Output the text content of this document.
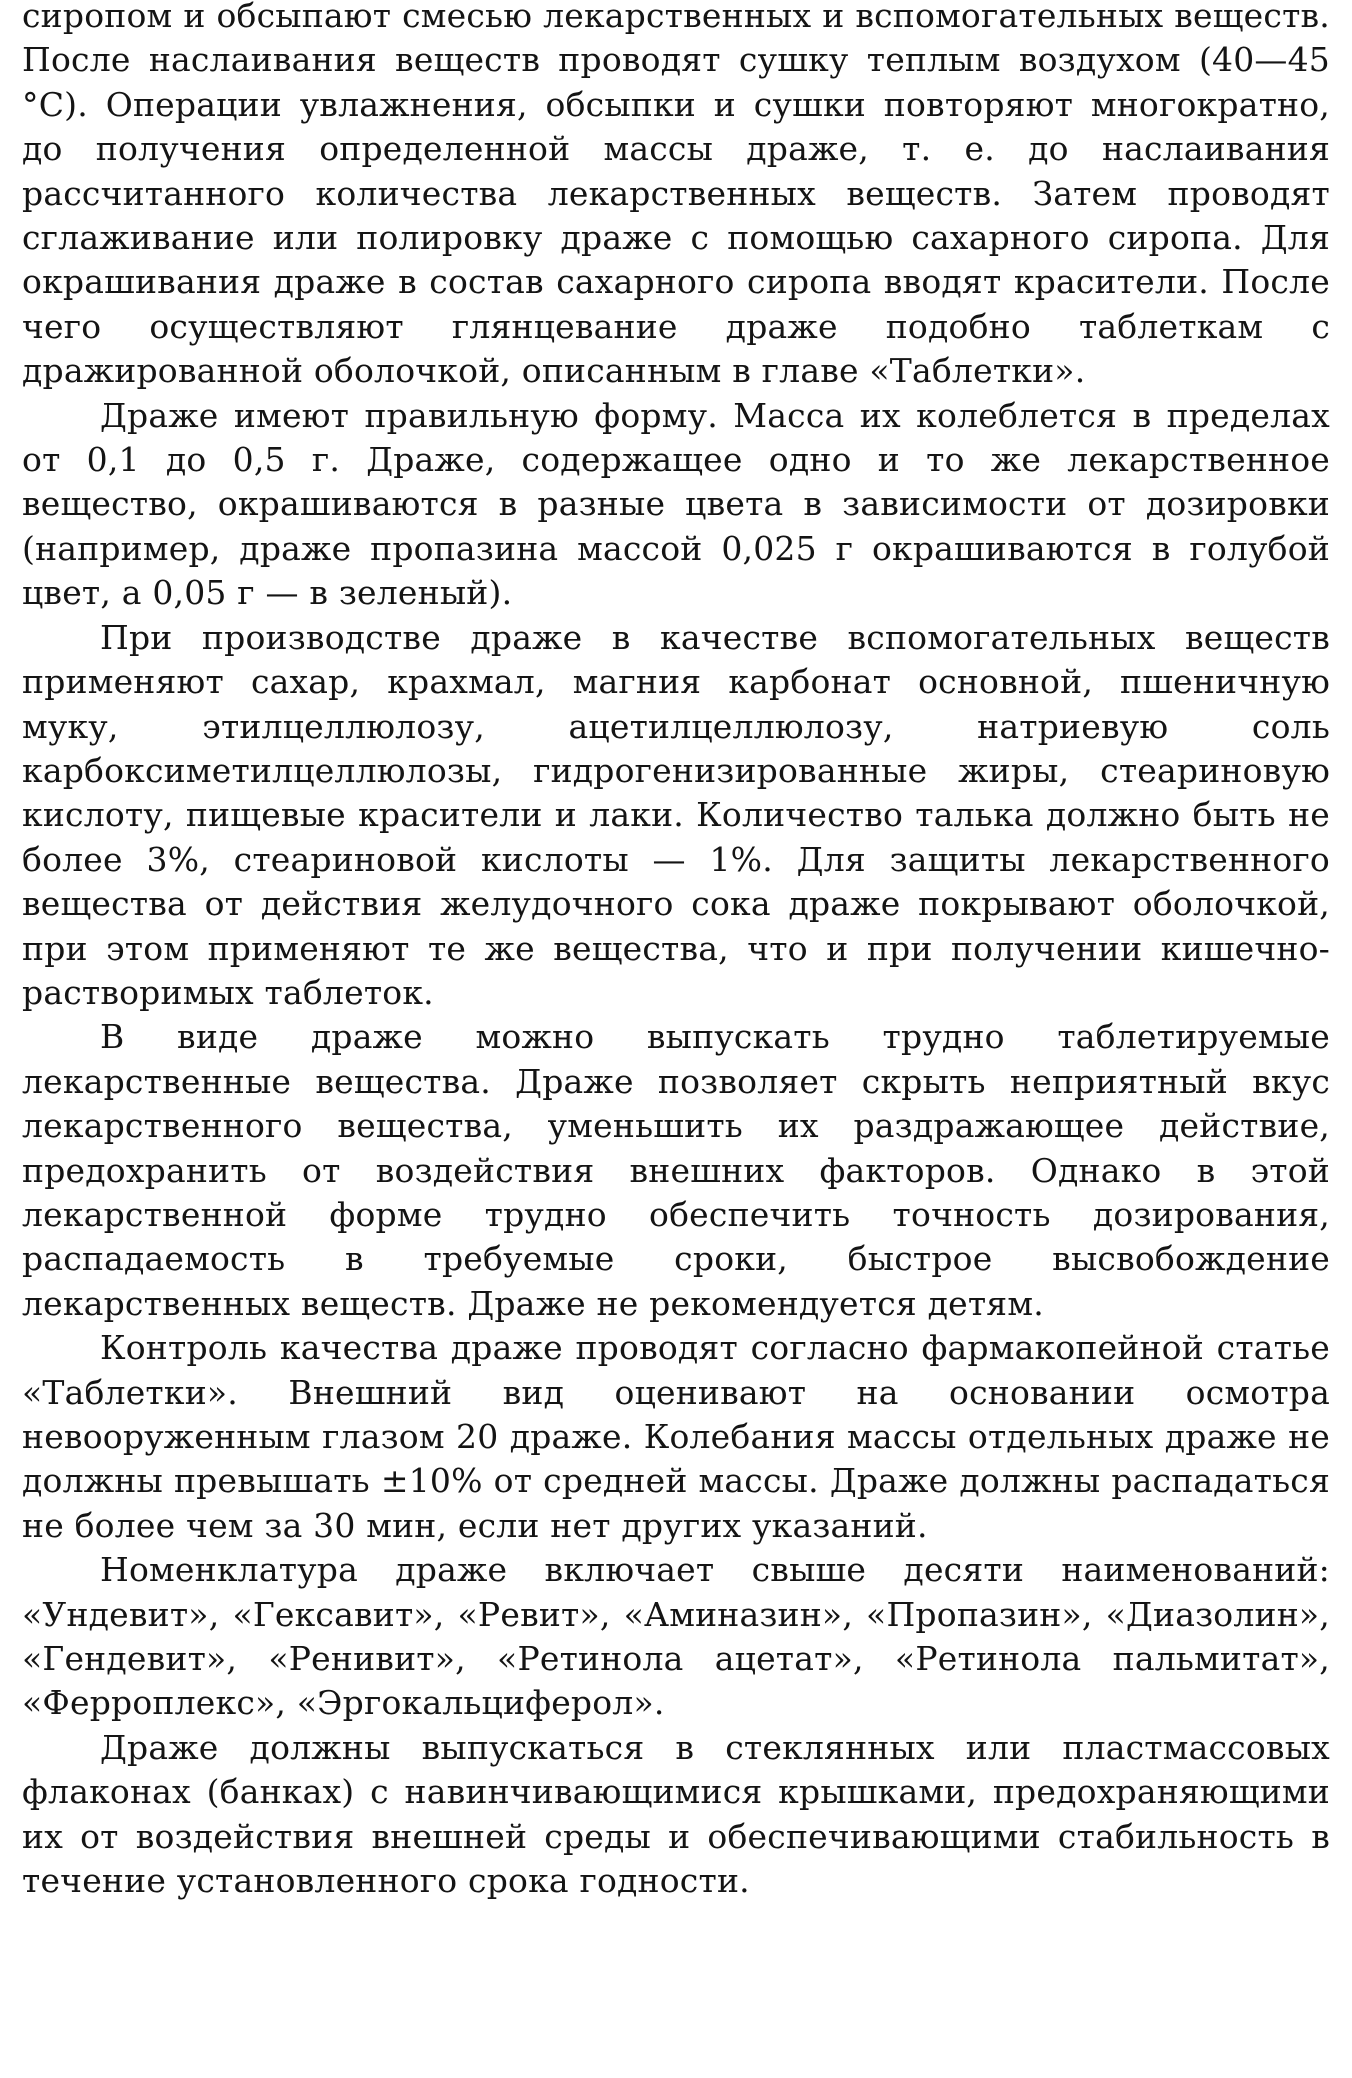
сиропом и обсыпают смесью лекарственных и вспомогательных веществ. После наслаивания веществ проводят сушку теплым воздухом (40—45 °С). Операции увлажнения, обсыпки и сушки повторяют многократно, до получения определенной массы драже, т. е. до наслаивания рассчитанного количества лекарственных веществ. Затем проводят сглаживание или полировку драже с помощью сахарного сиропа. Для окрашивания драже в состав сахарного сиропа вводят красители. После чего осуществляют глянцевание драже подобно таблеткам с дражированной оболочкой, описанным в главе «Таблетки».

Драже имеют правильную форму. Масса их колеблется в пределах от 0,1 до 0,5 г. Драже, содержащее одно и то же лекарственное вещество, окрашиваются в разные цвета в зависимости от дозировки (например, драже пропазина массой 0,025 г окрашиваются в голубой цвет, а 0,05 г — в зеленый).

При производстве драже в качестве вспомогательных веществ применяют сахар, крахмал, магния карбонат основной, пшеничную муку, этилцеллюлозу, ацетилцеллюлозу, натриевую соль карбоксиметилцеллюлозы, гидрогенизированные жиры, стеариновую кислоту, пищевые красители и лаки. Количество талька должно быть не более 3%, стеариновой кислоты — 1%. Для защиты лекарственного вещества от действия желудочного сока драже покрывают оболочкой, при этом применяют те же вещества, что и при получении кишечно-растворимых таблеток.

В виде драже можно выпускать трудно таблетируемые лекарственные вещества. Драже позволяет скрыть неприятный вкус лекарственного вещества, уменьшить их раздражающее действие, предохранить от воздействия внешних факторов. Однако в этой лекарственной форме трудно обеспечить точность дозирования, распадаемость в требуемые сроки, быстрое высвобождение лекарственных веществ. Драже не рекомендуется детям.

Контроль качества драже проводят согласно фармакопейной статье «Таблетки». Внешний вид оценивают на основании осмотра невооруженным глазом 20 драже. Колебания массы отдельных драже не должны превышать ±10% от средней массы. Драже должны распадаться не более чем за 30 мин, если нет других указаний.

Номенклатура драже включает свыше десяти наименований: «Ундевит», «Гексавит», «Ревит», «Аминазин», «Пропазин», «Диазолин», «Гендевит», «Ренивит», «Ретинола ацетат», «Ретинола пальмитат», «Ферроплекс», «Эргокальциферол».

Драже должны выпускаться в стеклянных или пластмассовых флаконах (банках) с навинчивающимися крышками, предохраняющими их от воздействия внешней среды и обеспечивающими стабильность в течение установленного срока годности.
